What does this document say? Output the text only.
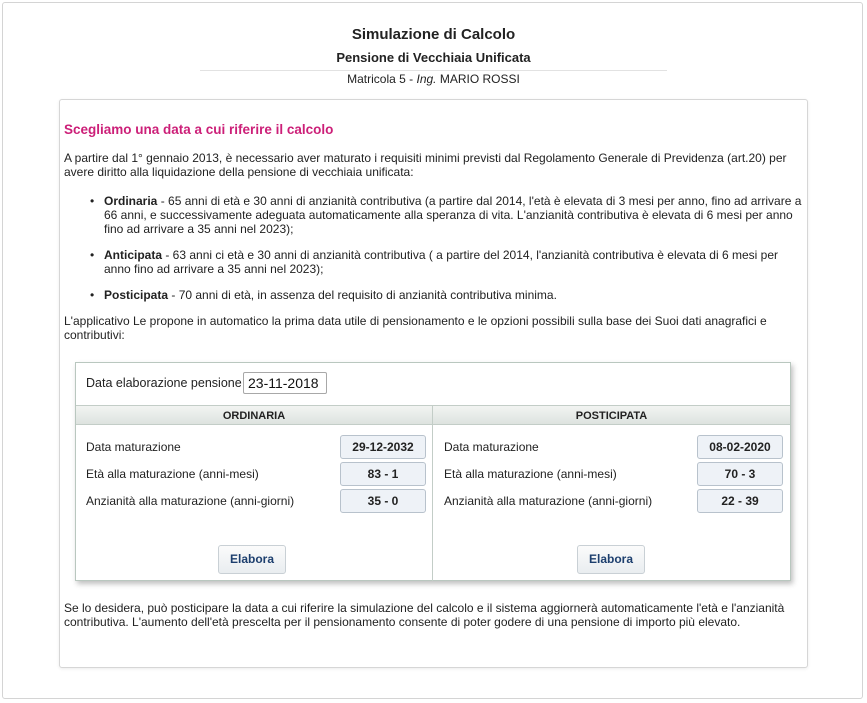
Simulazione di Calcolo
Pensione di Vecchiaia Unificata
Matricola 5 - Ing. MARIO ROSSI
Scegliamo una data a cui riferire il calcolo
A partire dal 1° gennaio 2013, è necessario aver maturato i requisiti minimi previsti dal Regolamento Generale di Previdenza (art.20) per avere diritto alla liquidazione della pensione di vecchiaia unificata:
• Ordinaria - 65 anni di età e 30 anni di anzianità contributiva (a partire dal 2014, l'età è elevata di 3 mesi per anno, fino ad arrivare a 66 anni, e successivamente adeguata automaticamente alla speranza di vita. L'anzianità contributiva è elevata di 6 mesi per anno fino ad arrivare a 35 anni nel 2023);
• Anticipata - 63 anni ci età e 30 anni di anzianità contributiva ( a partire del 2014, l'anzianità contributiva è elevata di 6 mesi per anno fino ad arrivare a 35 anni nel 2023);
• Posticipata - 70 anni di età, in assenza del requisito di anzianità contributiva minima.
L'applicativo Le propone in automatico la prima data utile di pensionamento e le opzioni possibili sulla base dei Suoi dati anagrafici e contributivi:
Data elaborazione pensione
23-11-2018
ORDINARIA	POSTICIPATA
Data maturazione	29-12-2032
Età alla maturazione (anni-mesi)	83 - 1
Anzianità alla maturazione (anni-giorni)	35 - 0
Elabora
Data maturazione	08-02-2020
Età alla maturazione (anni-mesi)	70 - 3
Anzianità alla maturazione (anni-giorni)	22 - 39
Elabora
Se lo desidera, può posticipare la data a cui riferire la simulazione del calcolo e il sistema aggiornerà automaticamente l'età e l'anzianità contributiva. L'aumento dell'età prescelta per il pensionamento consente di poter godere di una pensione di importo più elevato.
